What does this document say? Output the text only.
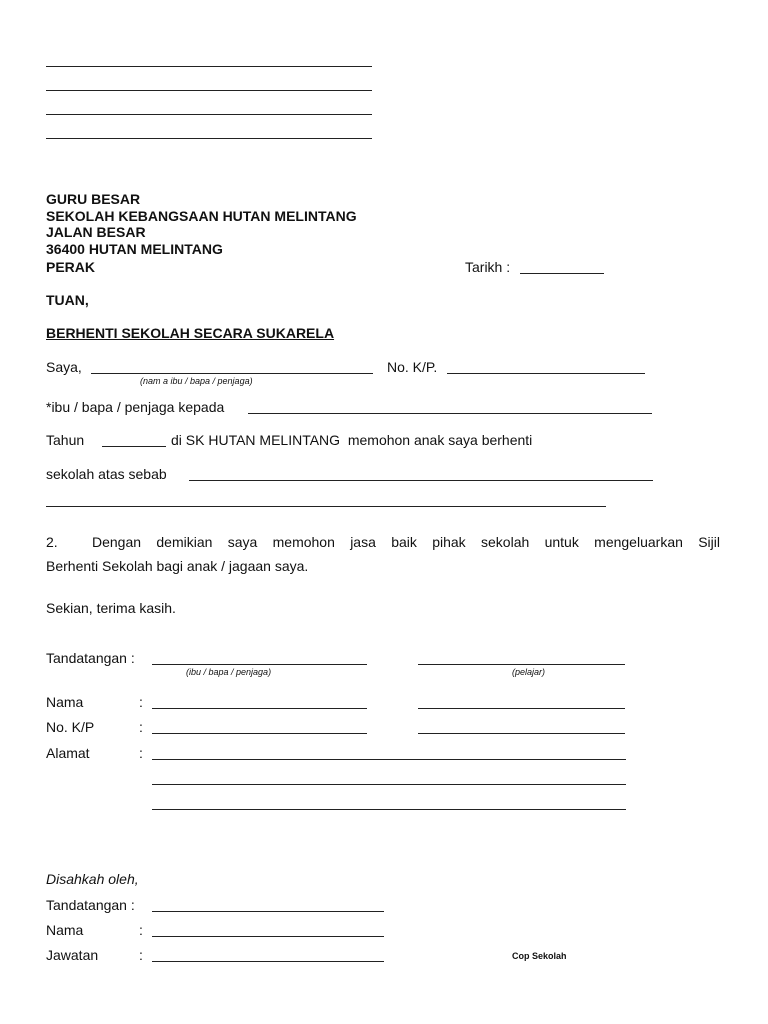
GURU BESAR
SEKOLAH KEBANGSAAN HUTAN MELINTANG
JALAN BESAR
36400 HUTAN MELINTANG
PERAK	Tarikh :
TUAN,
BERHENTI SEKOLAH SECARA SUKARELA
Saya,
(nam a ibu / bapa / penjaga)
No. K/P.
*ibu / bapa / penjaga kepada
Tahun	di SK HUTAN MELINTANG  memohon anak saya berhenti
sekolah atas sebab
2. Dengan demikian saya memohon jasa baik pihak sekolah untuk mengeluarkan Sijil
Berhenti Sekolah bagi anak / jagaan saya.
Sekian, terima kasih.
Tandatangan :
(ibu / bapa / penjaga)	(pelajar)
Nama	:
No. K/P	:
Alamat	:
Disahkah oleh,
Tandatangan :
Nama	:
Jawatan	:	Cop Sekolah
